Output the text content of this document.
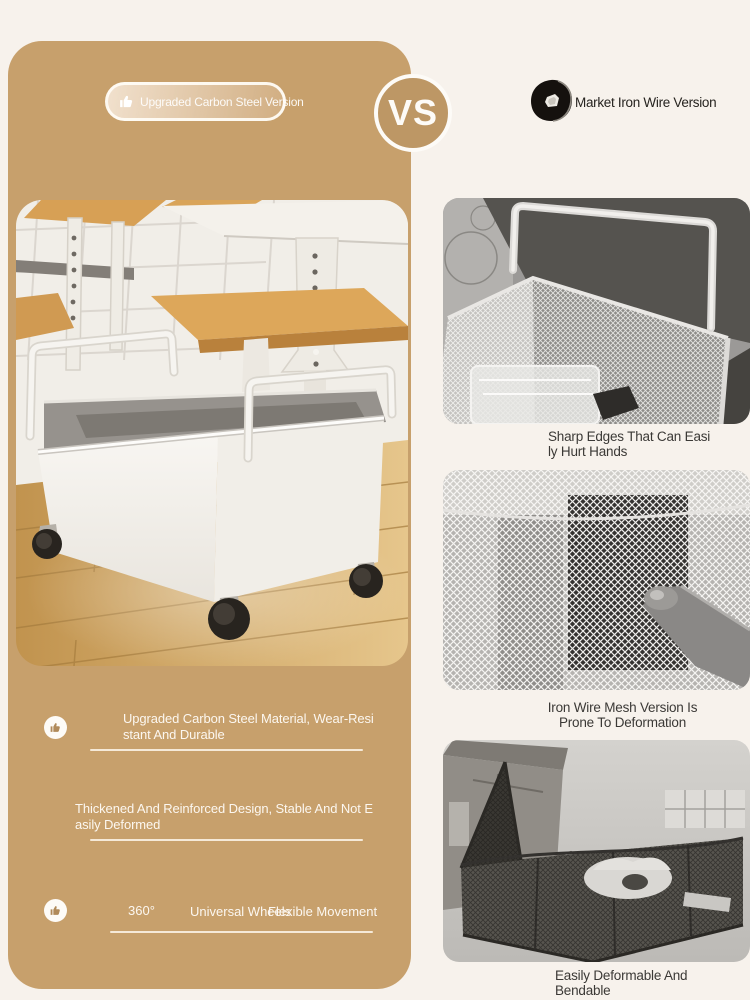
Upgraded Carbon Steel Version
Upgraded Carbon Steel Material, Wear-Resi
stant And Durable
Thickened And Reinforced Design, Stable And Not E
asily Deformed
360°	Universal Wheels
Flexible Movement
VS	Market Iron Wire Version
Sharp Edges That Can Easi
ly Hurt Hands
Iron Wire Mesh Version Is
Prone To Deformation
Easily Deformable And
Bendable
